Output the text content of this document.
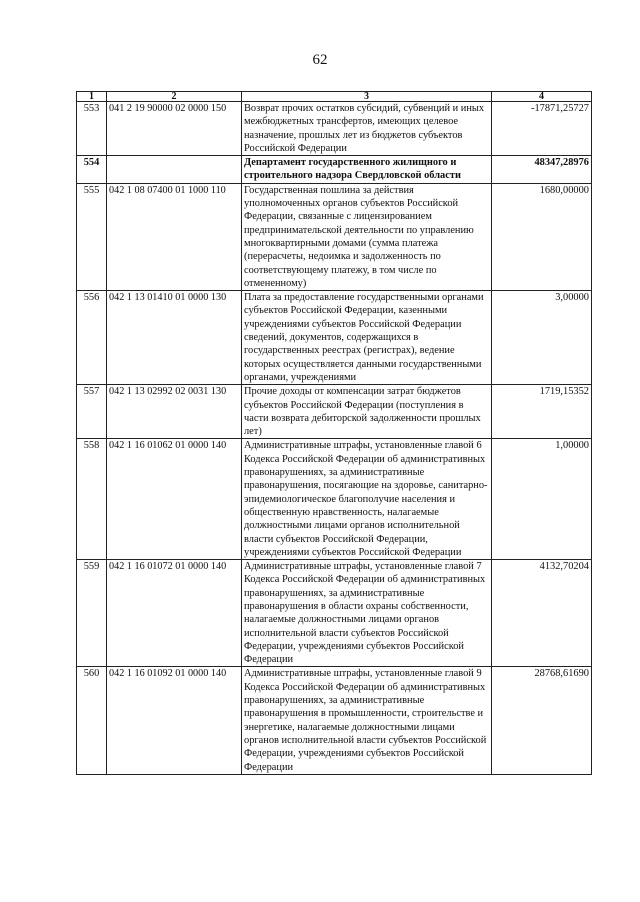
62
1	2	3	4
553	041 2 19 90000 02 0000 150	Возврат прочих остатков субсидий, субвенций и иных межбюджетных трансфертов, имеющих целевое назначение, прошлых лет из бюджетов субъектов Российской Федерации	-17871,25727
554		Департамент государственного жилищного и строительного надзора Свердловской области	48347,28976
555	042 1 08 07400 01 1000 110	Государственная пошлина за действия уполномоченных органов субъектов Российской Федерации, связанные с лицензированием предпринимательской деятельности по управлению многоквартирными домами (сумма платежа (перерасчеты, недоимка и задолженность по соответствующему платежу, в том числе по отмененному)	1680,00000
556	042 1 13 01410 01 0000 130	Плата за предоставление государственными органами субъектов Российской Федерации, казенными учреждениями субъектов Российской Федерации сведений, документов, содержащихся в государственных реестрах (регистрах), ведение которых осуществляется данными государственными органами, учреждениями	3,00000
557	042 1 13 02992 02 0031 130	Прочие доходы от компенсации затрат бюджетов субъектов Российской Федерации (поступления в части возврата дебиторской задолженности прошлых лет)	1719,15352
558	042 1 16 01062 01 0000 140	Административные штрафы, установленные главой 6 Кодекса Российской Федерации об административных правонарушениях, за административные правонарушения, посягающие на здоровье, санитарно-эпидемиологическое благополучие населения и общественную нравственность, налагаемые должностными лицами органов исполнительной власти субъектов Российской Федерации, учреждениями субъектов Российской Федерации	1,00000
559	042 1 16 01072 01 0000 140	Административные штрафы, установленные главой 7 Кодекса Российской Федерации об административных правонарушениях, за административные правонарушения в области охраны собственности, налагаемые должностными лицами органов исполнительной власти субъектов Российской Федерации, учреждениями субъектов Российской Федерации	4132,70204
560	042 1 16 01092 01 0000 140	Административные штрафы, установленные главой 9 Кодекса Российской Федерации об административных правонарушениях, за административные правонарушения в промышленности, строительстве и энергетике, налагаемые должностными лицами органов исполнительной власти субъектов Российской Федерации, учреждениями субъектов Российской Федерации	28768,61690
